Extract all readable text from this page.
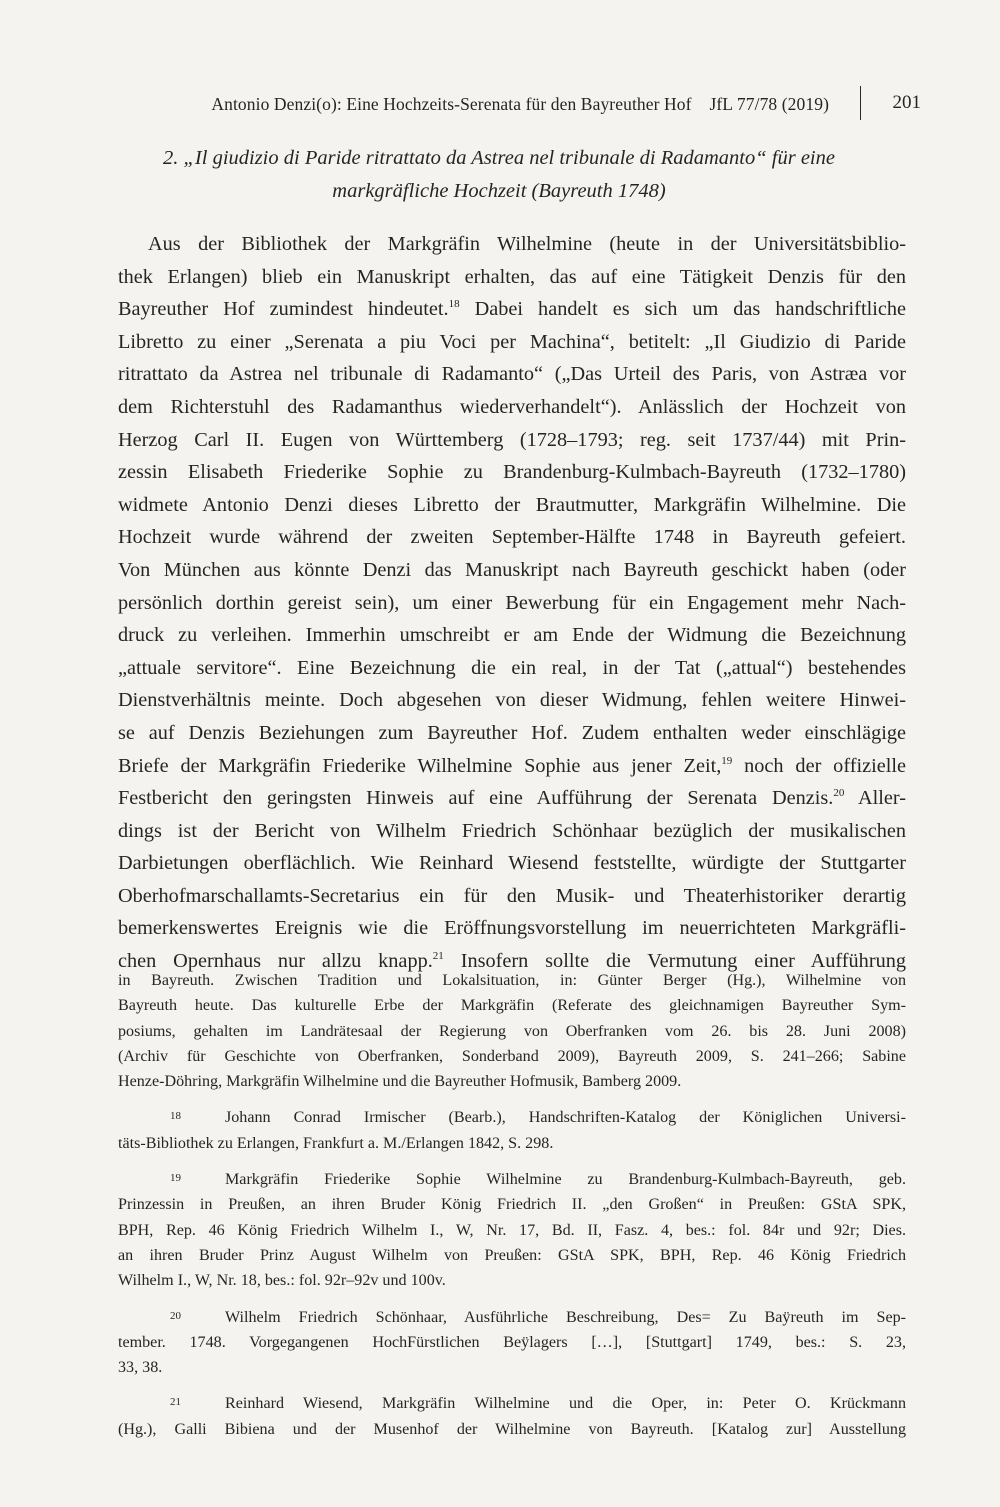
Antonio Denzi(o): Eine Hochzeits-Serenata für den Bayreuther Hof JfL 77/78 (2019)	201
2. „Il giudizio di Paride ritrattato da Astrea nel tribunale di Radamanto“ für eine
markgräfliche Hochzeit (Bayreuth 1748)
Aus der Bibliothek der Markgräfin Wilhelmine (heute in der Universitätsbiblio-
thek Erlangen) blieb ein Manuskript erhalten, das auf eine Tätigkeit Denzis für den
Bayreuther Hof zumindest hindeutet.$^{18}$ Dabei handelt es sich um das handschriftliche
Libretto zu einer „Serenata a piu Voci per Machina“, betitelt: „Il Giudizio di Paride
ritrattato da Astrea nel tribunale di Radamanto“ („Das Urteil des Paris, von Astræa vor
dem Richterstuhl des Radamanthus wiederverhandelt“). Anlässlich der Hochzeit von
Herzog Carl II. Eugen von Württemberg (1728–1793; reg. seit 1737/44) mit Prin-
zessin Elisabeth Friederike Sophie zu Brandenburg-Kulmbach-Bayreuth (1732–1780)
widmete Antonio Denzi dieses Libretto der Brautmutter, Markgräfin Wilhelmine. Die
Hochzeit wurde während der zweiten September-Hälfte 1748 in Bayreuth gefeiert.
Von München aus könnte Denzi das Manuskript nach Bayreuth geschickt haben (oder
persönlich dorthin gereist sein), um einer Bewerbung für ein Engagement mehr Nach-
druck zu verleihen. Immerhin umschreibt er am Ende der Widmung die Bezeichnung
„attuale servitore“. Eine Bezeichnung die ein real, in der Tat („attual“) bestehendes
Dienstverhältnis meinte. Doch abgesehen von dieser Widmung, fehlen weitere Hinwei-
se auf Denzis Beziehungen zum Bayreuther Hof. Zudem enthalten weder einschlägige
Briefe der Markgräfin Friederike Wilhelmine Sophie aus jener Zeit,$^{19}$ noch der offizielle
Festbericht den geringsten Hinweis auf eine Aufführung der Serenata Denzis.$^{20}$ Aller-
dings ist der Bericht von Wilhelm Friedrich Schönhaar bezüglich der musikalischen
Darbietungen oberflächlich. Wie Reinhard Wiesend feststellte, würdigte der Stuttgarter
Oberhofmarschallamts-Secretarius ein für den Musik- und Theaterhistoriker derartig
bemerkenswertes Ereignis wie die Eröffnungsvorstellung im neuerrichteten Markgräfli-
chen Opernhaus nur allzu knapp.$^{21}$ Insofern sollte die Vermutung einer Aufführung
in Bayreuth. Zwischen Tradition und Lokalsituation, in: Günter Berger (Hg.), Wilhelmine von
Bayreuth heute. Das kulturelle Erbe der Markgräfin (Referate des gleichnamigen Bayreuther Sym-
posiums, gehalten im Landrätesaal der Regierung von Oberfranken vom 26. bis 28. Juni 2008)
(Archiv für Geschichte von Oberfranken, Sonderband 2009), Bayreuth 2009, S. 241–266; Sabine
Henze-Döhring, Markgräfin Wilhelmine und die Bayreuther Hofmusik, Bamberg 2009.
18	Johann Conrad Irmischer (Bearb.), Handschriften-Katalog der Königlichen Universi-
täts-Bibliothek zu Erlangen, Frankfurt a. M./Erlangen 1842, S. 298.
19	Markgräfin Friederike Sophie Wilhelmine zu Brandenburg-Kulmbach-Bayreuth, geb.
Prinzessin in Preußen, an ihren Bruder König Friedrich II. „den Großen“ in Preußen: GStA SPK,
BPH, Rep. 46 König Friedrich Wilhelm I., W, Nr. 17, Bd. II, Fasz. 4, bes.: fol. 84r und 92r; Dies.
an ihren Bruder Prinz August Wilhelm von Preußen: GStA SPK, BPH, Rep. 46 König Friedrich
Wilhelm I., W, Nr. 18, bes.: fol. 92r–92v und 100v.
20	Wilhelm Friedrich Schönhaar, Ausführliche Beschreibung, Des= Zu Baÿreuth im Sep-
tember. 1748. Vorgegangenen HochFürstlichen Beÿlagers […], [Stuttgart] 1749, bes.: S. 23,
33, 38.
21	Reinhard Wiesend, Markgräfin Wilhelmine und die Oper, in: Peter O. Krückmann
(Hg.), Galli Bibiena und der Musenhof der Wilhelmine von Bayreuth. [Katalog zur] Ausstellung
